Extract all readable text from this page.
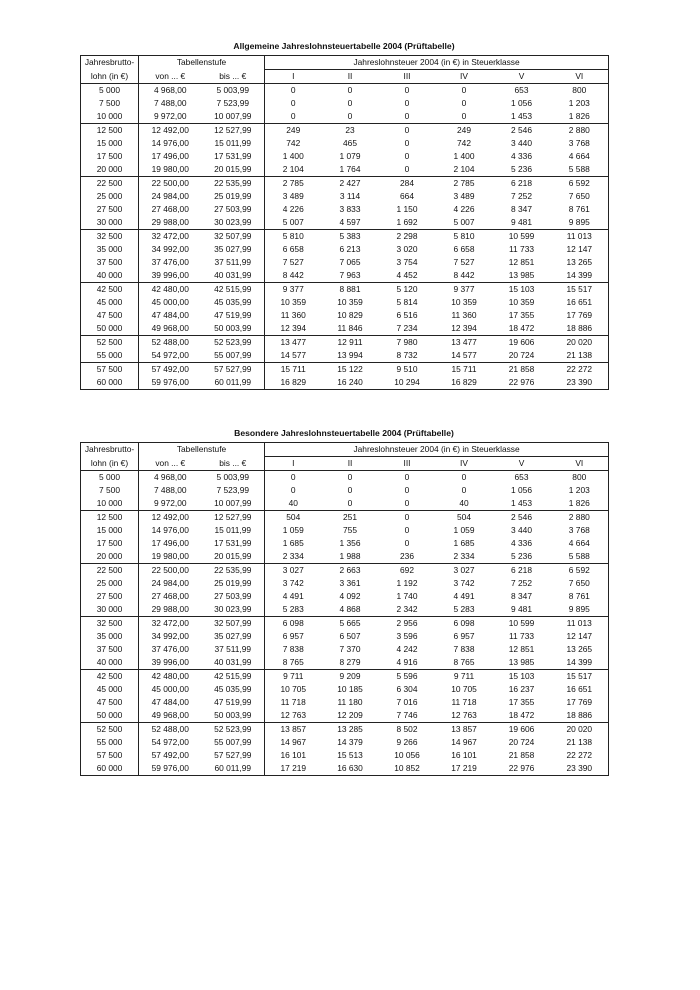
Allgemeine Jahreslohnsteuertabelle 2004 (Prüftabelle)
Jahresbrutto-	Tabellenstufe		Jahreslohnsteuer 2004 (in €) in Steuerklasse					
lohn (in €)	von ... €	bis ... €	I	II	III	IV	V	VI
5 000	4 968,00	5 003,99	0	0	0	0	653	800
7 500	7 488,00	7 523,99	0	0	0	0	1 056	1 203
10 000	9 972,00	10 007,99	0	0	0	0	1 453	1 826
12 500	12 492,00	12 527,99	249	23	0	249	2 546	2 880
15 000	14 976,00	15 011,99	742	465	0	742	3 440	3 768
17 500	17 496,00	17 531,99	1 400	1 079	0	1 400	4 336	4 664
20 000	19 980,00	20 015,99	2 104	1 764	0	2 104	5 236	5 588
22 500	22 500,00	22 535,99	2 785	2 427	284	2 785	6 218	6 592
25 000	24 984,00	25 019,99	3 489	3 114	664	3 489	7 252	7 650
27 500	27 468,00	27 503,99	4 226	3 833	1 150	4 226	8 347	8 761
30 000	29 988,00	30 023,99	5 007	4 597	1 692	5 007	9 481	9 895
32 500	32 472,00	32 507,99	5 810	5 383	2 298	5 810	10 599	11 013
35 000	34 992,00	35 027,99	6 658	6 213	3 020	6 658	11 733	12 147
37 500	37 476,00	37 511,99	7 527	7 065	3 754	7 527	12 851	13 265
40 000	39 996,00	40 031,99	8 442	7 963	4 452	8 442	13 985	14 399
42 500	42 480,00	42 515,99	9 377	8 881	5 120	9 377	15 103	15 517
45 000	45 000,00	45 035,99	10 359	10 359	5 814	10 359	10 359	16 651
47 500	47 484,00	47 519,99	11 360	10 829	6 516	11 360	17 355	17 769
50 000	49 968,00	50 003,99	12 394	11 846	7 234	12 394	18 472	18 886
52 500	52 488,00	52 523,99	13 477	12 911	7 980	13 477	19 606	20 020
55 000	54 972,00	55 007,99	14 577	13 994	8 732	14 577	20 724	21 138
57 500	57 492,00	57 527,99	15 711	15 122	9 510	15 711	21 858	22 272
60 000	59 976,00	60 011,99	16 829	16 240	10 294	16 829	22 976	23 390
Besondere Jahreslohnsteuertabelle 2004 (Prüftabelle)
Jahresbrutto-	Tabellenstufe		Jahreslohnsteuer 2004 (in €) in Steuerklasse					
lohn (in €)	von ... €	bis ... €	I	II	III	IV	V	VI
5 000	4 968,00	5 003,99	0	0	0	0	653	800
7 500	7 488,00	7 523,99	0	0	0	0	1 056	1 203
10 000	9 972,00	10 007,99	40	0	0	40	1 453	1 826
12 500	12 492,00	12 527,99	504	251	0	504	2 546	2 880
15 000	14 976,00	15 011,99	1 059	755	0	1 059	3 440	3 768
17 500	17 496,00	17 531,99	1 685	1 356	0	1 685	4 336	4 664
20 000	19 980,00	20 015,99	2 334	1 988	236	2 334	5 236	5 588
22 500	22 500,00	22 535,99	3 027	2 663	692	3 027	6 218	6 592
25 000	24 984,00	25 019,99	3 742	3 361	1 192	3 742	7 252	7 650
27 500	27 468,00	27 503,99	4 491	4 092	1 740	4 491	8 347	8 761
30 000	29 988,00	30 023,99	5 283	4 868	2 342	5 283	9 481	9 895
32 500	32 472,00	32 507,99	6 098	5 665	2 956	6 098	10 599	11 013
35 000	34 992,00	35 027,99	6 957	6 507	3 596	6 957	11 733	12 147
37 500	37 476,00	37 511,99	7 838	7 370	4 242	7 838	12 851	13 265
40 000	39 996,00	40 031,99	8 765	8 279	4 916	8 765	13 985	14 399
42 500	42 480,00	42 515,99	9 711	9 209	5 596	9 711	15 103	15 517
45 000	45 000,00	45 035,99	10 705	10 185	6 304	10 705	16 237	16 651
47 500	47 484,00	47 519,99	11 718	11 180	7 016	11 718	17 355	17 769
50 000	49 968,00	50 003,99	12 763	12 209	7 746	12 763	18 472	18 886
52 500	52 488,00	52 523,99	13 857	13 285	8 502	13 857	19 606	20 020
55 000	54 972,00	55 007,99	14 967	14 379	9 266	14 967	20 724	21 138
57 500	57 492,00	57 527,99	16 101	15 513	10 056	16 101	21 858	22 272
60 000	59 976,00	60 011,99	17 219	16 630	10 852	17 219	22 976	23 390
